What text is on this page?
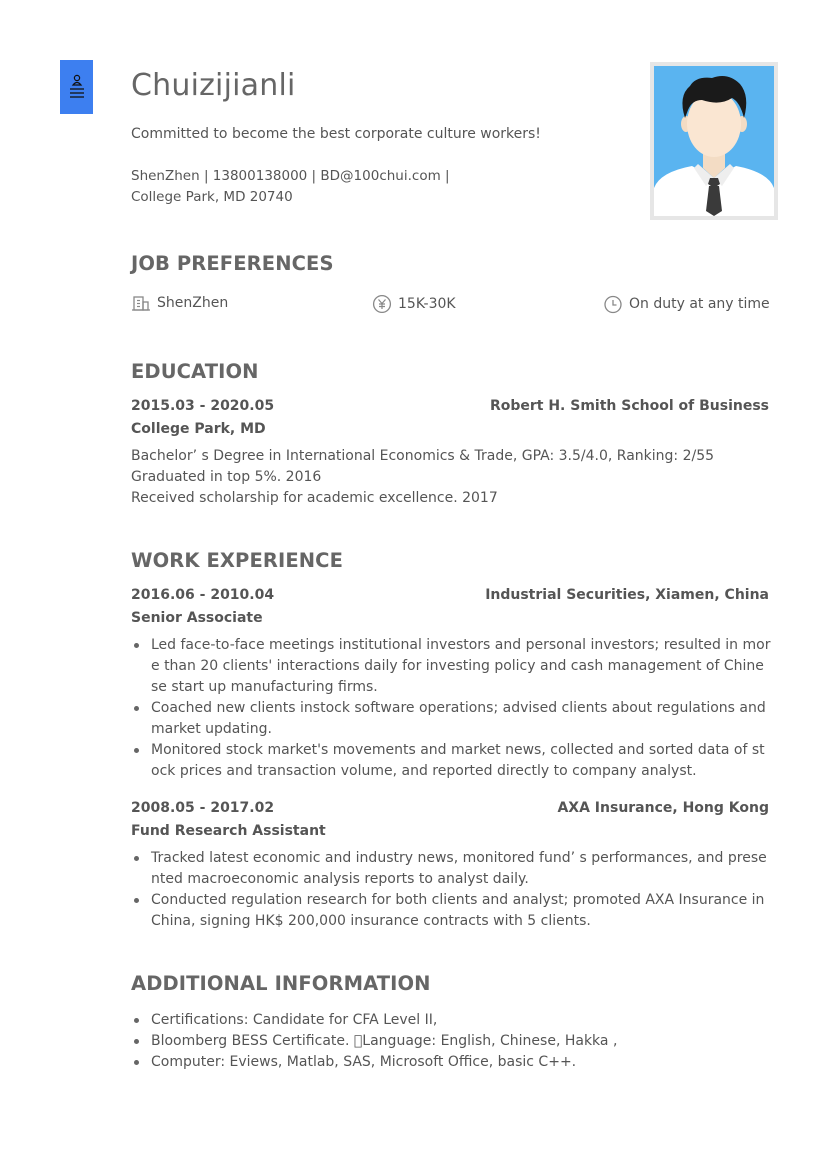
Chuizijianli
Committed to become the best corporate culture workers!
ShenZhen | 13800138000 | BD@100chui.com |
College Park, MD 20740
JOB PREFERENCES
ShenZhen	15K-30K	On duty at any time
EDUCATION
2015.03 - 2020.05	Robert H. Smith School of Business
College Park, MD
Bachelor’ s Degree in International Economics & Trade, GPA: 3.5/4.0, Ranking: 2/55
Graduated in top 5%. 2016
Received scholarship for academic excellence. 2017
WORK EXPERIENCE
2016.06 - 2010.04	Industrial Securities, Xiamen, China
Senior Associate
Led face-to-face meetings institutional investors and personal investors; resulted in more than 20 clients' interactions daily for investing policy and cash management of Chinese start up manufacturing firms.
Coached new clients instock software operations; advised clients about regulations and market updating.
Monitored stock market's movements and market news, collected and sorted data of stock prices and transaction volume, and reported directly to company analyst.
2008.05 - 2017.02	AXA Insurance, Hong Kong
Fund Research Assistant
Tracked latest economic and industry news, monitored fund’ s performances, and presented macroeconomic analysis reports to analyst daily.
Conducted regulation research for both clients and analyst; promoted AXA Insurance in China, signing HK$ 200,000 insurance contracts with 5 clients.
ADDITIONAL INFORMATION
Certifications: Candidate for CFA Level II,
Bloomberg BESS Certificate.  Language: English, Chinese, Hakka ,
Computer: Eviews, Matlab, SAS, Microsoft Office, basic C++.
